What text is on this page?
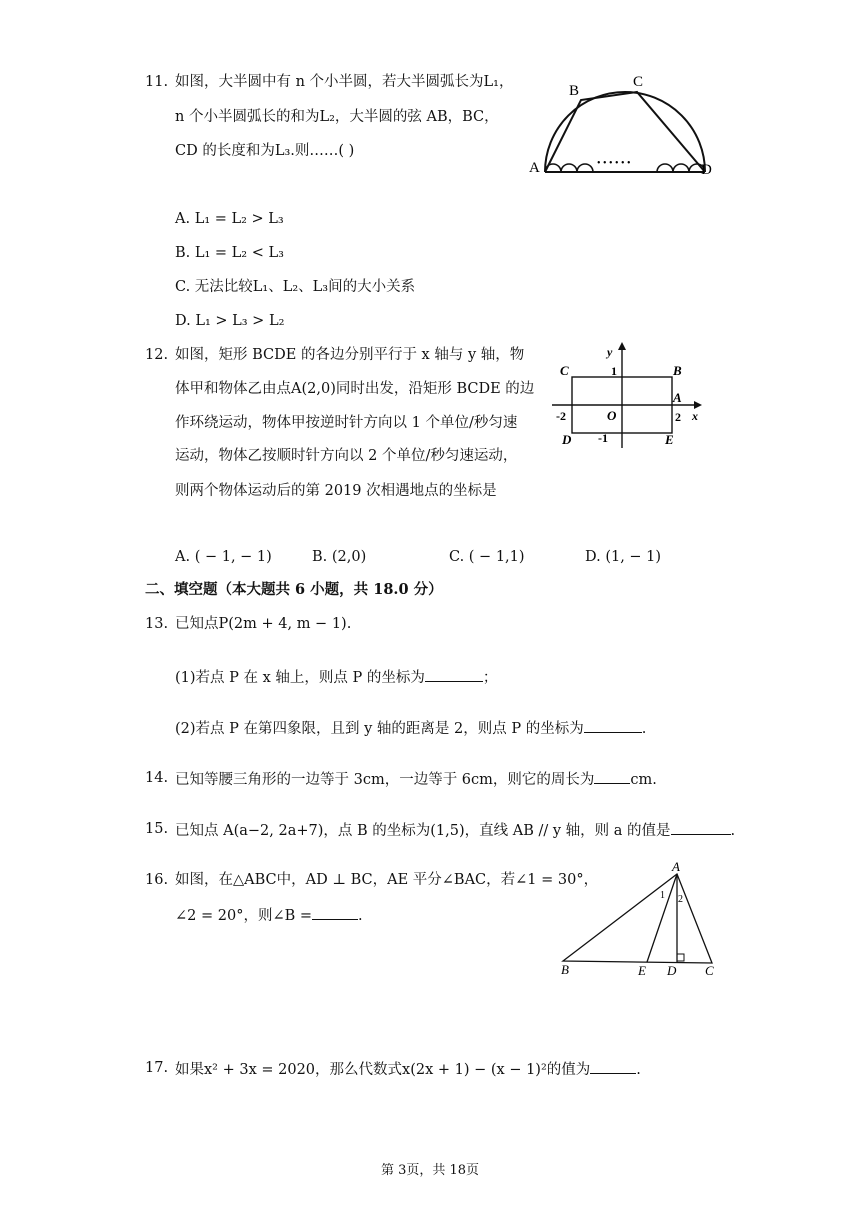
11. 如图，大半圆中有 n 个小半圆，若大半圆弧长为L₁，
n 个小半圆弧长的和为L₂，大半圆的弦 AB，BC，
CD 的长度和为L₃.则……( )
A
B
C
D
• • • • • •
A. L₁ = L₂ > L₃
B. L₁ = L₂ < L₃
C. 无法比较L₁、L₂、L₃间的大小关系
D. L₁ > L₃ > L₂
12. 如图，矩形 BCDE 的各边分别平行于 x 轴与 y 轴，物
体甲和物体乙由点A(2,0)同时出发，沿矩形 BCDE 的边
作环绕运动，物体甲按逆时针方向以 1 个单位/秒匀速
运动，物体乙按顺时针方向以 2 个单位/秒匀速运动，
则两个物体运动后的第 2019 次相遇地点的坐标是
y
C	1	B
A
-2	O	2 x
D -1	E
A. ( − 1, − 1)	B. (2,0)	C. ( − 1,1)	D. (1, − 1)
二、填空题（本大题共 6 小题，共 18.0 分）
13. 已知点P(2m + 4, m − 1).
(1)若点 P 在 x 轴上，则点 P 的坐标为	；
(2)若点 P 在第四象限，且到 y 轴的距离是 2，则点 P 的坐标为	.
14. 已知等腰三角形的一边等于 3cm，一边等于 6cm，则它的周长为 cm.
15. 已知点 A(a−2, 2a+7)，点 B 的坐标为(1,5)，直线 AB // y 轴，则 a 的值是	.
16. 如图，在△ABC中，AD ⊥ BC，AE 平分∠BAC，若∠1 = 30°，
∠2 = 20°，则∠B =	.
A
1 2
B	E D C
17. 如果x² + 3x = 2020，那么代数式x(2x + 1) − (x − 1)²的值为	.
第 3页，共 18页
